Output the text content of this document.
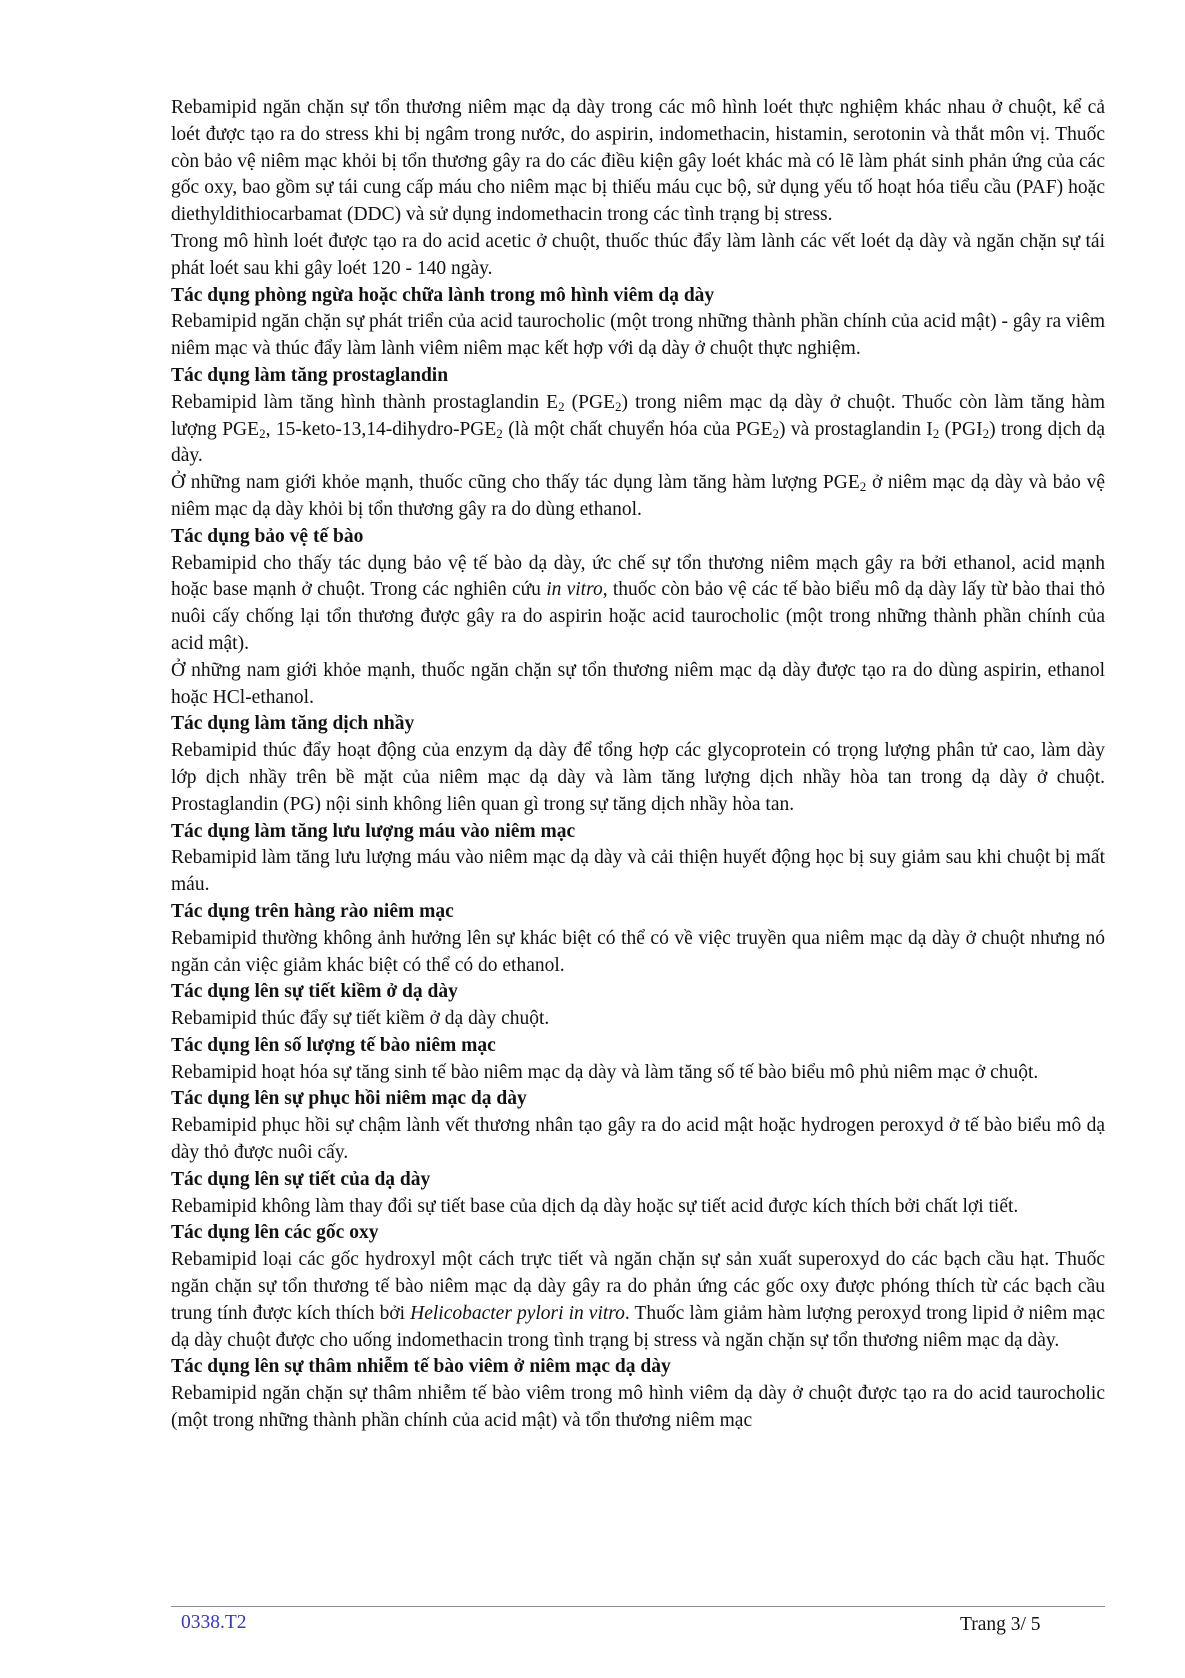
Rebamipid ngăn chặn sự tổn thương niêm mạc dạ dày trong các mô hình loét thực nghiệm khác nhau ở chuột, kể cả loét được tạo ra do stress khi bị ngâm trong nước, do aspirin, indomethacin, histamin, serotonin và thắt môn vị. Thuốc còn bảo vệ niêm mạc khỏi bị tổn thương gây ra do các điều kiện gây loét khác mà có lẽ làm phát sinh phản ứng của các gốc oxy, bao gồm sự tái cung cấp máu cho niêm mạc bị thiếu máu cục bộ, sử dụng yếu tố hoạt hóa tiểu cầu (PAF) hoặc diethyldithiocarbamat (DDC) và sử dụng indomethacin trong các tình trạng bị stress.

Trong mô hình loét được tạo ra do acid acetic ở chuột, thuốc thúc đẩy làm lành các vết loét dạ dày và ngăn chặn sự tái phát loét sau khi gây loét 120 - 140 ngày.

Tác dụng phòng ngừa hoặc chữa lành trong mô hình viêm dạ dày

Rebamipid ngăn chặn sự phát triển của acid taurocholic (một trong những thành phần chính của acid mật) - gây ra viêm niêm mạc và thúc đẩy làm lành viêm niêm mạc kết hợp với dạ dày ở chuột thực nghiệm.

Tác dụng làm tăng prostaglandin

Rebamipid làm tăng hình thành prostaglandin $E_2$ $(PGE_2)$ trong niêm mạc dạ dày ở chuột. Thuốc còn làm tăng hàm lượng $PGE_2$, $15-keto-13,14-dihydro-PGE_2$ (là một chất chuyển hóa của $PGE_2$) và prostaglandin $I_2$ $(PGI_2)$ trong dịch dạ dày.

Ở những nam giới khỏe mạnh, thuốc cũng cho thấy tác dụng làm tăng hàm lượng $PGE_2$ ở niêm mạc dạ dày và bảo vệ niêm mạc dạ dày khỏi bị tổn thương gây ra do dùng ethanol.

Tác dụng bảo vệ tế bào

Rebamipid cho thấy tác dụng bảo vệ tế bào dạ dày, ức chế sự tổn thương niêm mạch gây ra bởi ethanol, acid mạnh hoặc base mạnh ở chuột. Trong các nghiên cứu in vitro, thuốc còn bảo vệ các tế bào biểu mô dạ dày lấy từ bào thai thỏ nuôi cấy chống lại tổn thương được gây ra do aspirin hoặc acid taurocholic (một trong những thành phần chính của acid mật).

Ở những nam giới khỏe mạnh, thuốc ngăn chặn sự tổn thương niêm mạc dạ dày được tạo ra do dùng aspirin, ethanol hoặc HCl-ethanol.

Tác dụng làm tăng dịch nhầy

Rebamipid thúc đẩy hoạt động của enzym dạ dày để tổng hợp các glycoprotein có trọng lượng phân tử cao, làm dày lớp dịch nhầy trên bề mặt của niêm mạc dạ dày và làm tăng lượng dịch nhầy hòa tan trong dạ dày ở chuột. Prostaglandin (PG) nội sinh không liên quan gì trong sự tăng dịch nhầy hòa tan.

Tác dụng làm tăng lưu lượng máu vào niêm mạc

Rebamipid làm tăng lưu lượng máu vào niêm mạc dạ dày và cải thiện huyết động học bị suy giảm sau khi chuột bị mất máu.

Tác dụng trên hàng rào niêm mạc

Rebamipid thường không ảnh hưởng lên sự khác biệt có thể có về việc truyền qua niêm mạc dạ dày ở chuột nhưng nó ngăn cản việc giảm khác biệt có thể có do ethanol.

Tác dụng lên sự tiết kiềm ở dạ dày

Rebamipid thúc đẩy sự tiết kiềm ở dạ dày chuột.

Tác dụng lên số lượng tế bào niêm mạc

Rebamipid hoạt hóa sự tăng sinh tế bào niêm mạc dạ dày và làm tăng số tế bào biểu mô phủ niêm mạc ở chuột.

Tác dụng lên sự phục hồi niêm mạc dạ dày

Rebamipid phục hồi sự chậm lành vết thương nhân tạo gây ra do acid mật hoặc hydrogen peroxyd ở tế bào biểu mô dạ dày thỏ được nuôi cấy.

Tác dụng lên sự tiết của dạ dày

Rebamipid không làm thay đổi sự tiết base của dịch dạ dày hoặc sự tiết acid được kích thích bởi chất lợi tiết.

Tác dụng lên các gốc oxy

Rebamipid loại các gốc hydroxyl một cách trực tiết và ngăn chặn sự sản xuất superoxyd do các bạch cầu hạt. Thuốc ngăn chặn sự tổn thương tế bào niêm mạc dạ dày gây ra do phản ứng các gốc oxy được phóng thích từ các bạch cầu trung tính được kích thích bởi Helicobacter pylori in vitro. Thuốc làm giảm hàm lượng peroxyd trong lipid ở niêm mạc dạ dày chuột được cho uống indomethacin trong tình trạng bị stress và ngăn chặn sự tổn thương niêm mạc dạ dày.

Tác dụng lên sự thâm nhiễm tế bào viêm ở niêm mạc dạ dày

Rebamipid ngăn chặn sự thâm nhiễm tế bào viêm trong mô hình viêm dạ dày ở chuột được tạo ra do acid taurocholic (một trong những thành phần chính của acid mật) và tổn thương niêm mạc

0338.T2	Trang 3/ 5
